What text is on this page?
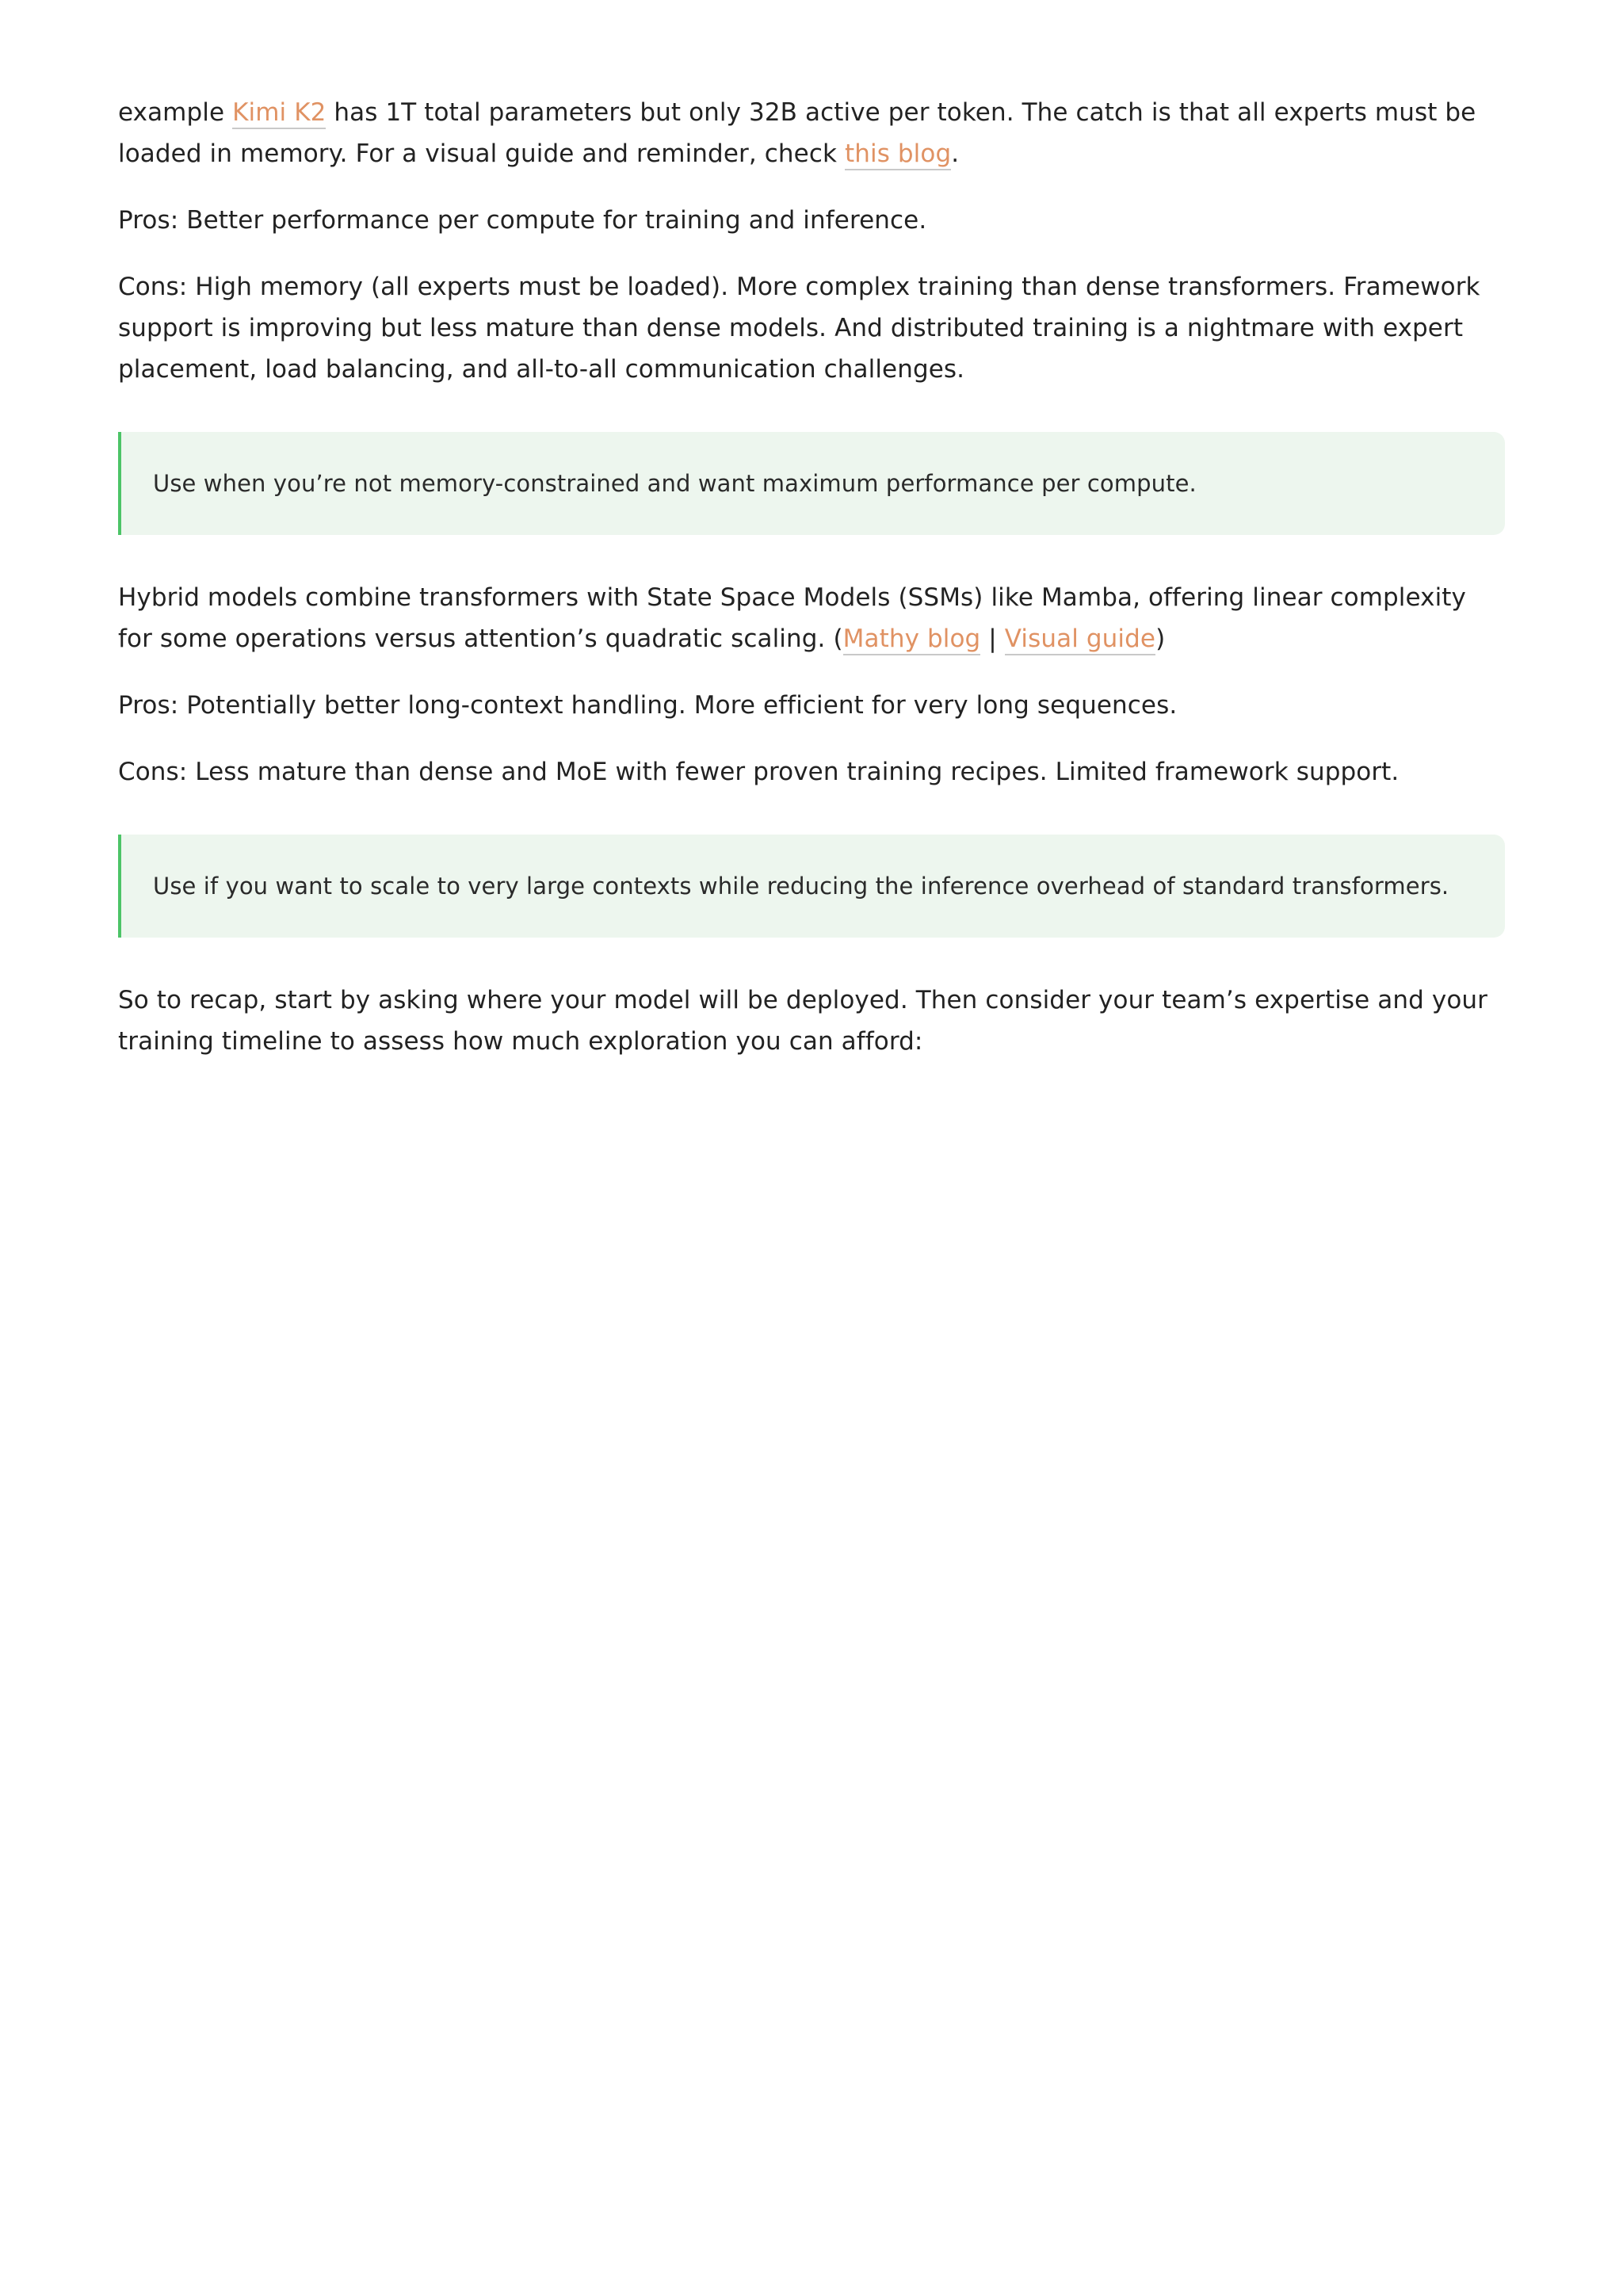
example Kimi K2 has 1T total parameters but only 32B active per token. The catch is that all experts must be loaded in memory. For a visual guide and reminder, check this blog.

Pros: Better performance per compute for training and inference.

Cons: High memory (all experts must be loaded). More complex training than dense transformers. Framework support is improving but less mature than dense models. And distributed training is a nightmare with expert placement, load balancing, and all-to-all communication challenges.

Use when you’re not memory-constrained and want maximum performance per compute.

Hybrid models combine transformers with State Space Models (SSMs) like Mamba, offering linear complexity for some operations versus attention’s quadratic scaling. (Mathy blog | Visual guide)

Pros: Potentially better long-context handling. More efficient for very long sequences.

Cons: Less mature than dense and MoE with fewer proven training recipes. Limited framework support.

Use if you want to scale to very large contexts while reducing the inference overhead of standard transformers.

So to recap, start by asking where your model will be deployed. Then consider your team’s expertise and your training timeline to assess how much exploration you can afford:
